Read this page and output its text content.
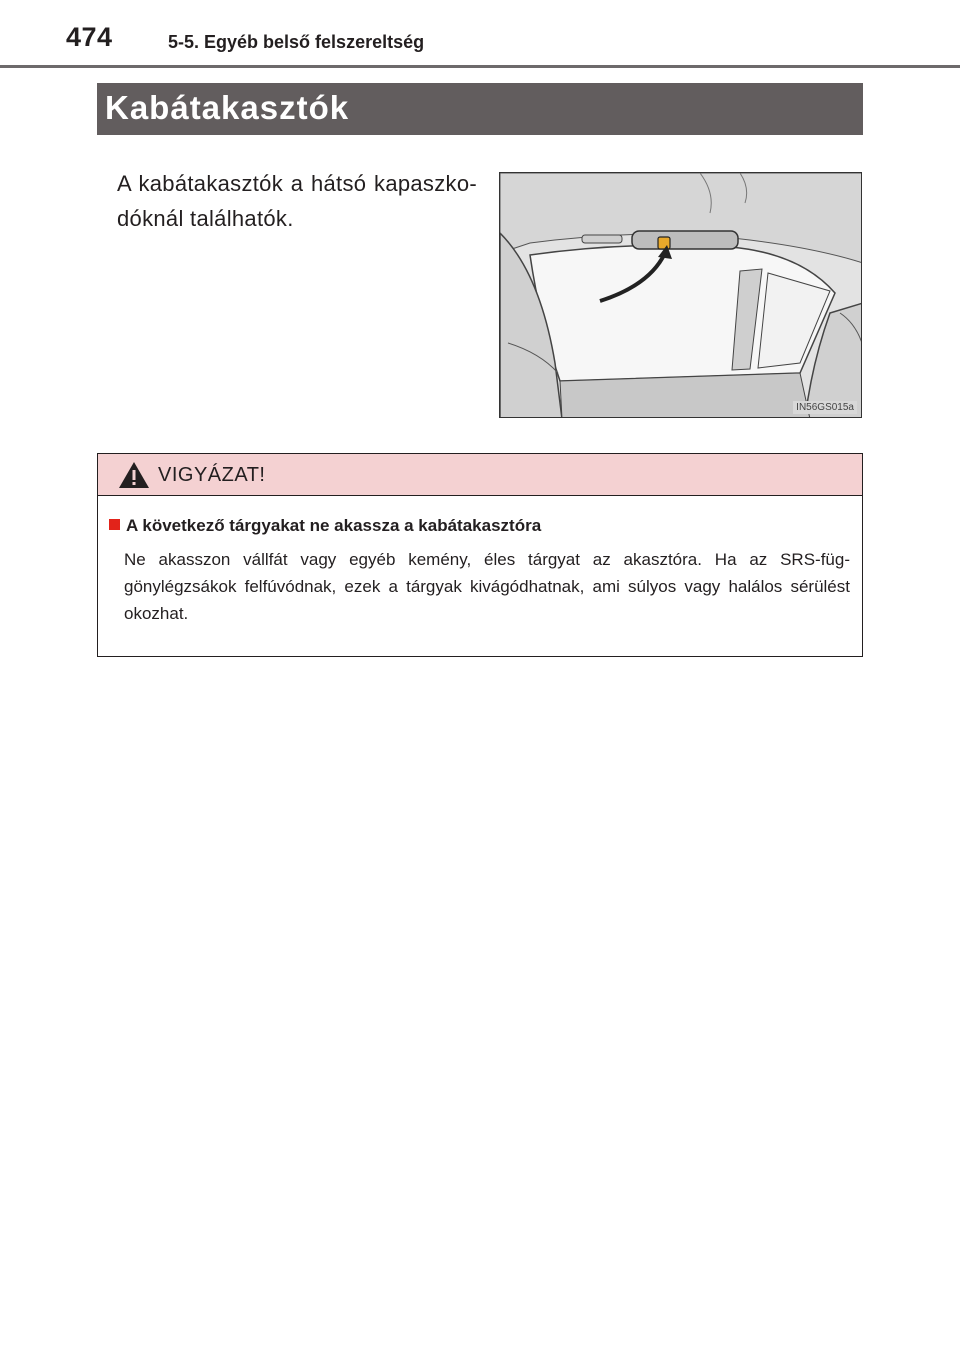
474	5-5. Egyéb belső felszereltség
Kabátakasztók
A kabátakasztók a hátsó kapaszko-dóknál találhatók.
IN56GS015a
VIGYÁZAT!
A következő tárgyakat ne akassza a kabátakasztóra
Ne akasszon vállfát vagy egyéb kemény, éles tárgyat az akasztóra. Ha az SRS-füg-gönylégzsákok felfúvódnak, ezek a tárgyak kivágódhatnak, ami súlyos vagy halálos sérülést okozhat.
